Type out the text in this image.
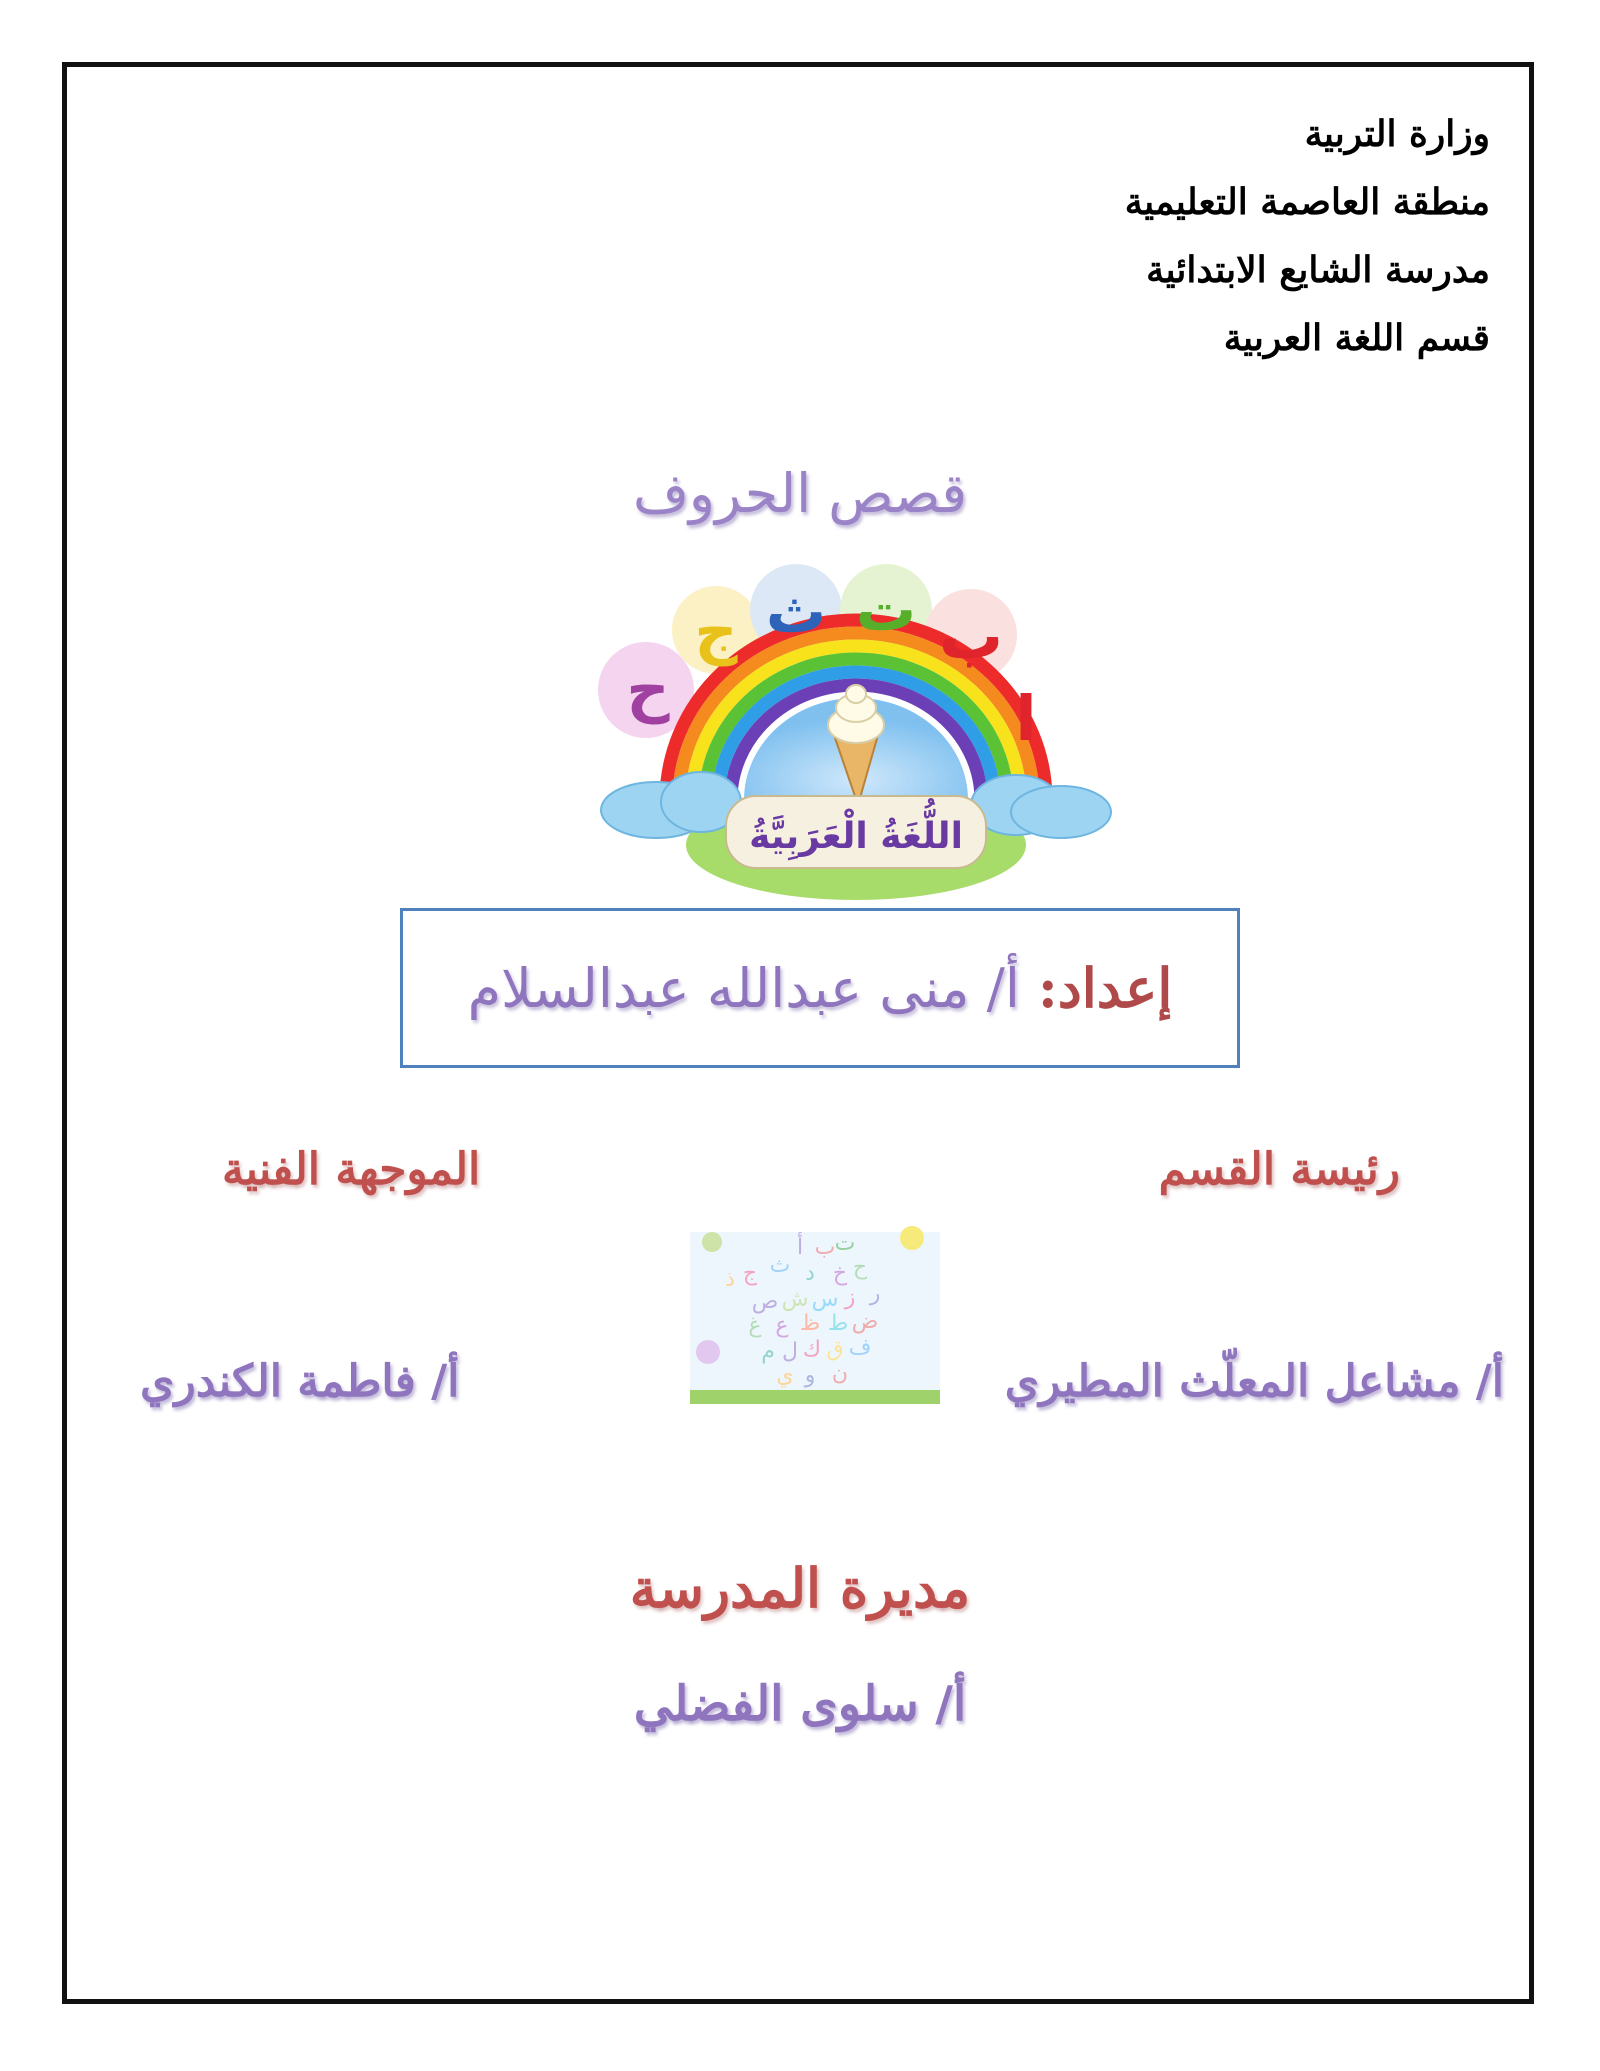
وزارة التربية
منطقة العاصمة التعليمية
مدرسة الشايع الابتدائية
قسم اللغة العربية
قصص الحروف
ب
ت
ث
ج
ح	ا
اللُّغَةُ الْعَرَبِيَّةُ
إعداد:
أ/ منى عبدالله عبدالسلام
رئيسة القسم
الموجهة الفنية
أ ب ت
ث
ج	ح
خ
د
ذ
ر
ز
س
ش
ص
ض
ط
ظ
ع
غ
ف
ق
ك
ل
م
ن
و
ي	أ/ مشاعل المعلّث المطيري
أ/ فاطمة الكندري
مديرة المدرسة
أ/ سلوى الفضلي
